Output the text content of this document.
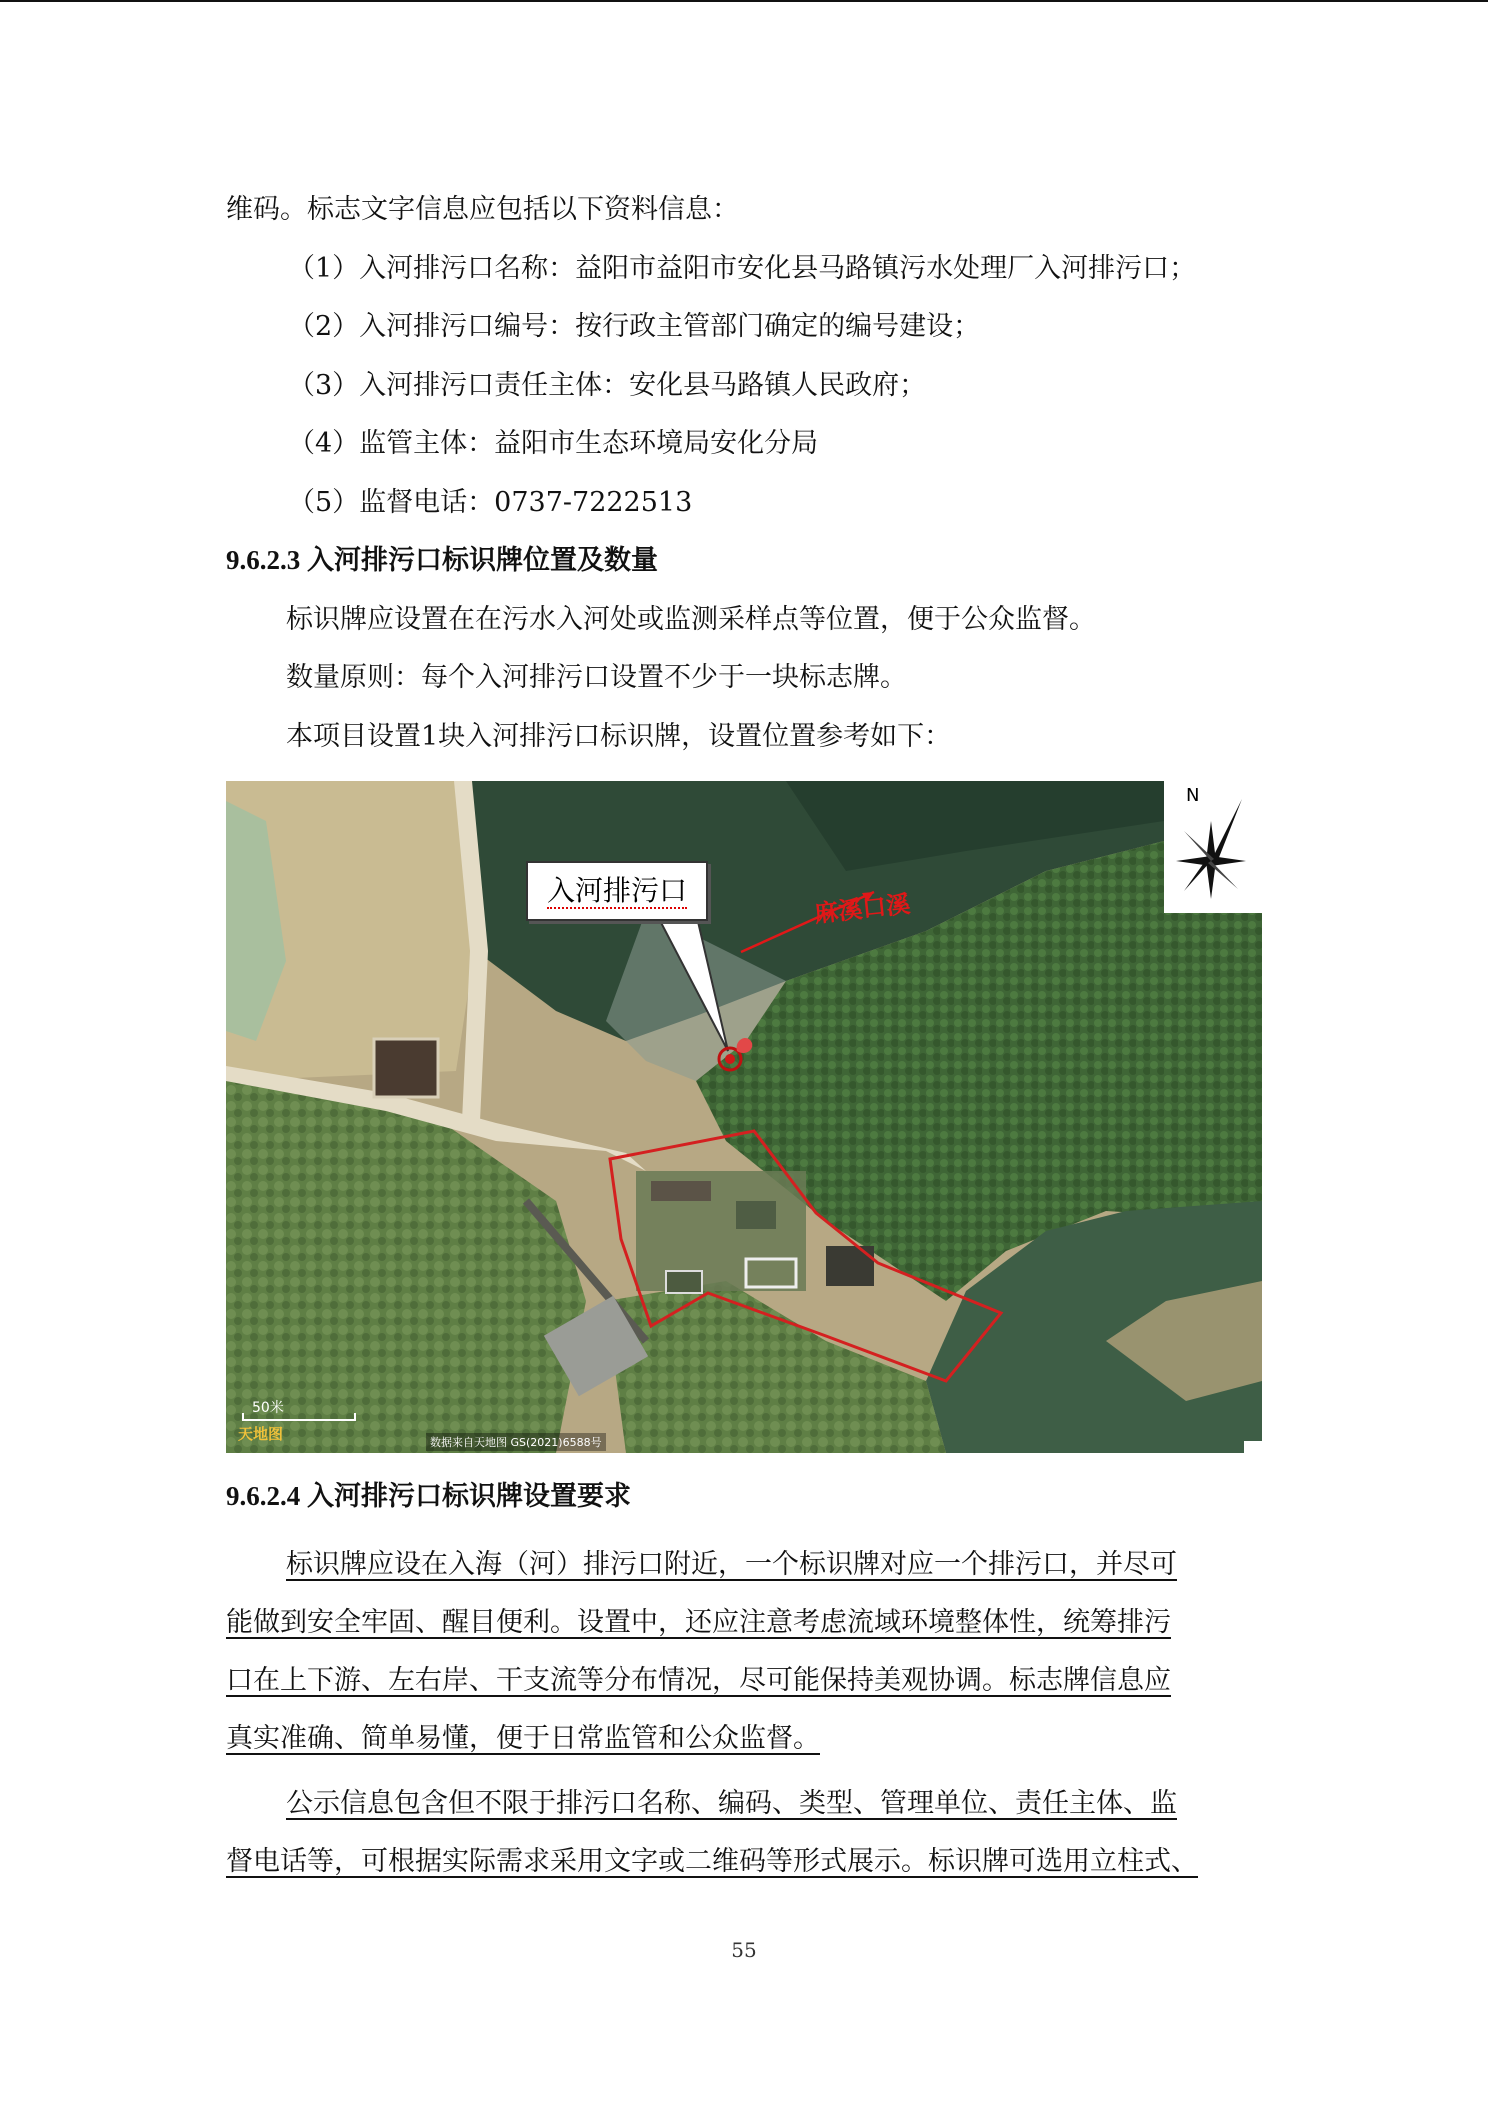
维码。标志文字信息应包括以下资料信息：
（1）入河排污口名称：益阳市益阳市安化县马路镇污水处理厂入河排污口；
（2）入河排污口编号：按行政主管部门确定的编号建设；
（3）入河排污口责任主体：安化县马路镇人民政府；
（4）监管主体：益阳市生态环境局安化分局
（5）监督电话：0737-7222513
9.6.2.3 入河排污口标识牌位置及数量
标识牌应设置在在污水入河处或监测采样点等位置，便于公众监督。
数量原则：每个入河排污口设置不少于一块标志牌。
本项目设置1块入河排污口标识牌，设置位置参考如下：
入河排污口	麻溪口溪
N
50米
天地图	数据来自天地图 GS(2021)6588号
9.6.2.4 入河排污口标识牌设置要求
标识牌应设在入海（河）排污口附近，一个标识牌对应一个排污口，并尽可
能做到安全牢固、醒目便利。设置中，还应注意考虑流域环境整体性，统筹排污
口在上下游、左右岸、干支流等分布情况，尽可能保持美观协调。标志牌信息应
真实准确、简单易懂，便于日常监管和公众监督。
公示信息包含但不限于排污口名称、编码、类型、管理单位、责任主体、监
督电话等，可根据实际需求采用文字或二维码等形式展示。标识牌可选用立柱式、
55
